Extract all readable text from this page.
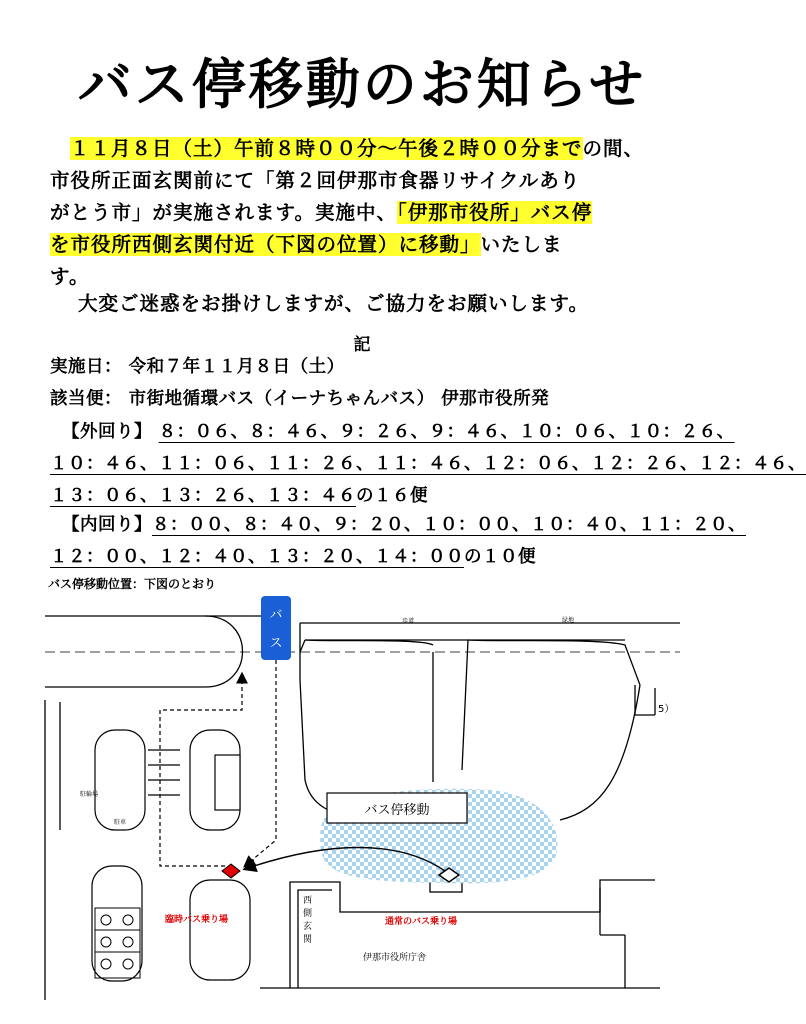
バス停移動のお知らせ
１１月８日（土）午前８時００分～午後２時００分までの間、
市役所正面玄関前にて「第２回伊那市食器リサイクルあり
がとう市」が実施されます。実施中、「伊那市役所」バス停
を市役所西側玄関付近（下図の位置）に移動」いたしま
す。
大変ご迷惑をお掛けしますが、ご協力をお願いします。
記
実施日： 令和７年１１月８日（土）
該当便： 市街地循環バス（イーナちゃんバス） 伊那市役所発
【外回り】 ８：０６、８：４６、９：２６、９：４６、１０：０６、１０：２６、
１０：４６、１１：０６、１１：２６、１１：４６、１２：０６、１２：２６、１２：４６、
１３：０６、１３：２６、１３：４６の１６便
【内回り】８：００、８：４０、９：２０、１０：００、１０：４０、１１：２０、
１２：００、１２：４０、１３：２０、１４：００の１０便
バス停移動位置：下図のとおり
駐輪場
駐車
歩道	緑地
5）
伊那市役所庁舎
西
側
玄
関
バス停移動
バ
ス
臨時バス乗り場	通常のバス乗り場
